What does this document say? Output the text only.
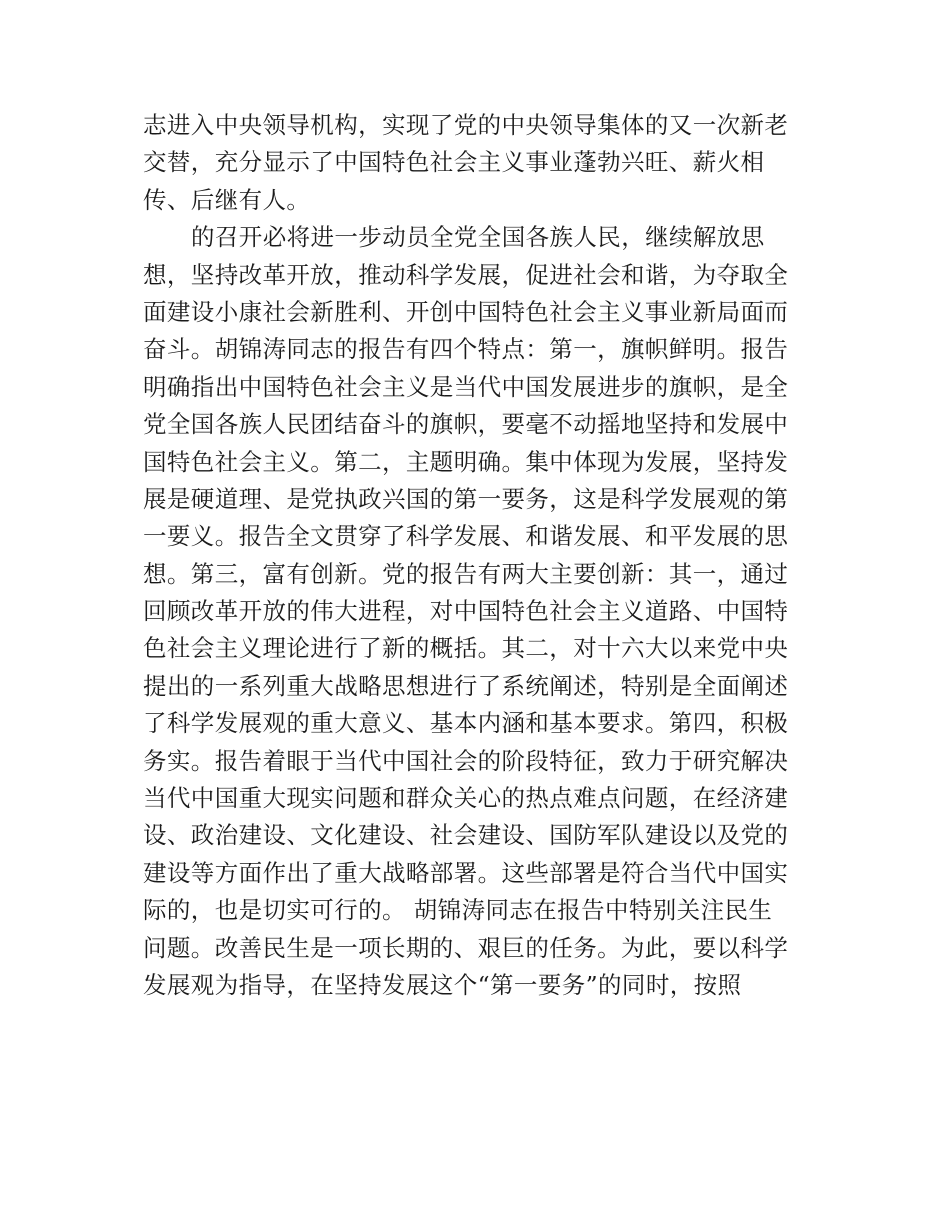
志进入中央领导机构，实现了党的中央领导集体的又一次新老
交替，充分显示了中国特色社会主义事业蓬勃兴旺、薪火相
传、后继有人。
的召开必将进一步动员全党全国各族人民，继续解放思
想，坚持改革开放，推动科学发展，促进社会和谐，为夺取全
面建设小康社会新胜利、开创中国特色社会主义事业新局面而
奋斗。胡锦涛同志的报告有四个特点：第一，旗帜鲜明。报告
明确指出中国特色社会主义是当代中国发展进步的旗帜，是全
党全国各族人民团结奋斗的旗帜，要毫不动摇地坚持和发展中
国特色社会主义。第二，主题明确。集中体现为发展，坚持发
展是硬道理、是党执政兴国的第一要务，这是科学发展观的第
一要义。报告全文贯穿了科学发展、和谐发展、和平发展的思
想。第三，富有创新。党的报告有两大主要创新：其一，通过
回顾改革开放的伟大进程，对中国特色社会主义道路、中国特
色社会主义理论进行了新的概括。其二，对十六大以来党中央
提出的一系列重大战略思想进行了系统阐述，特别是全面阐述
了科学发展观的重大意义、基本内涵和基本要求。第四，积极
务实。报告着眼于当代中国社会的阶段特征，致力于研究解决
当代中国重大现实问题和群众关心的热点难点问题，在经济建
设、政治建设、文化建设、社会建设、国防军队建设以及党的
建设等方面作出了重大战略部署。这些部署是符合当代中国实
际的，也是切实可行的。 胡锦涛同志在报告中特别关注民生
问题。改善民生是一项长期的、艰巨的任务。为此，要以科学
发展观为指导，在坚持发展这个“第一要务”的同时，按照
